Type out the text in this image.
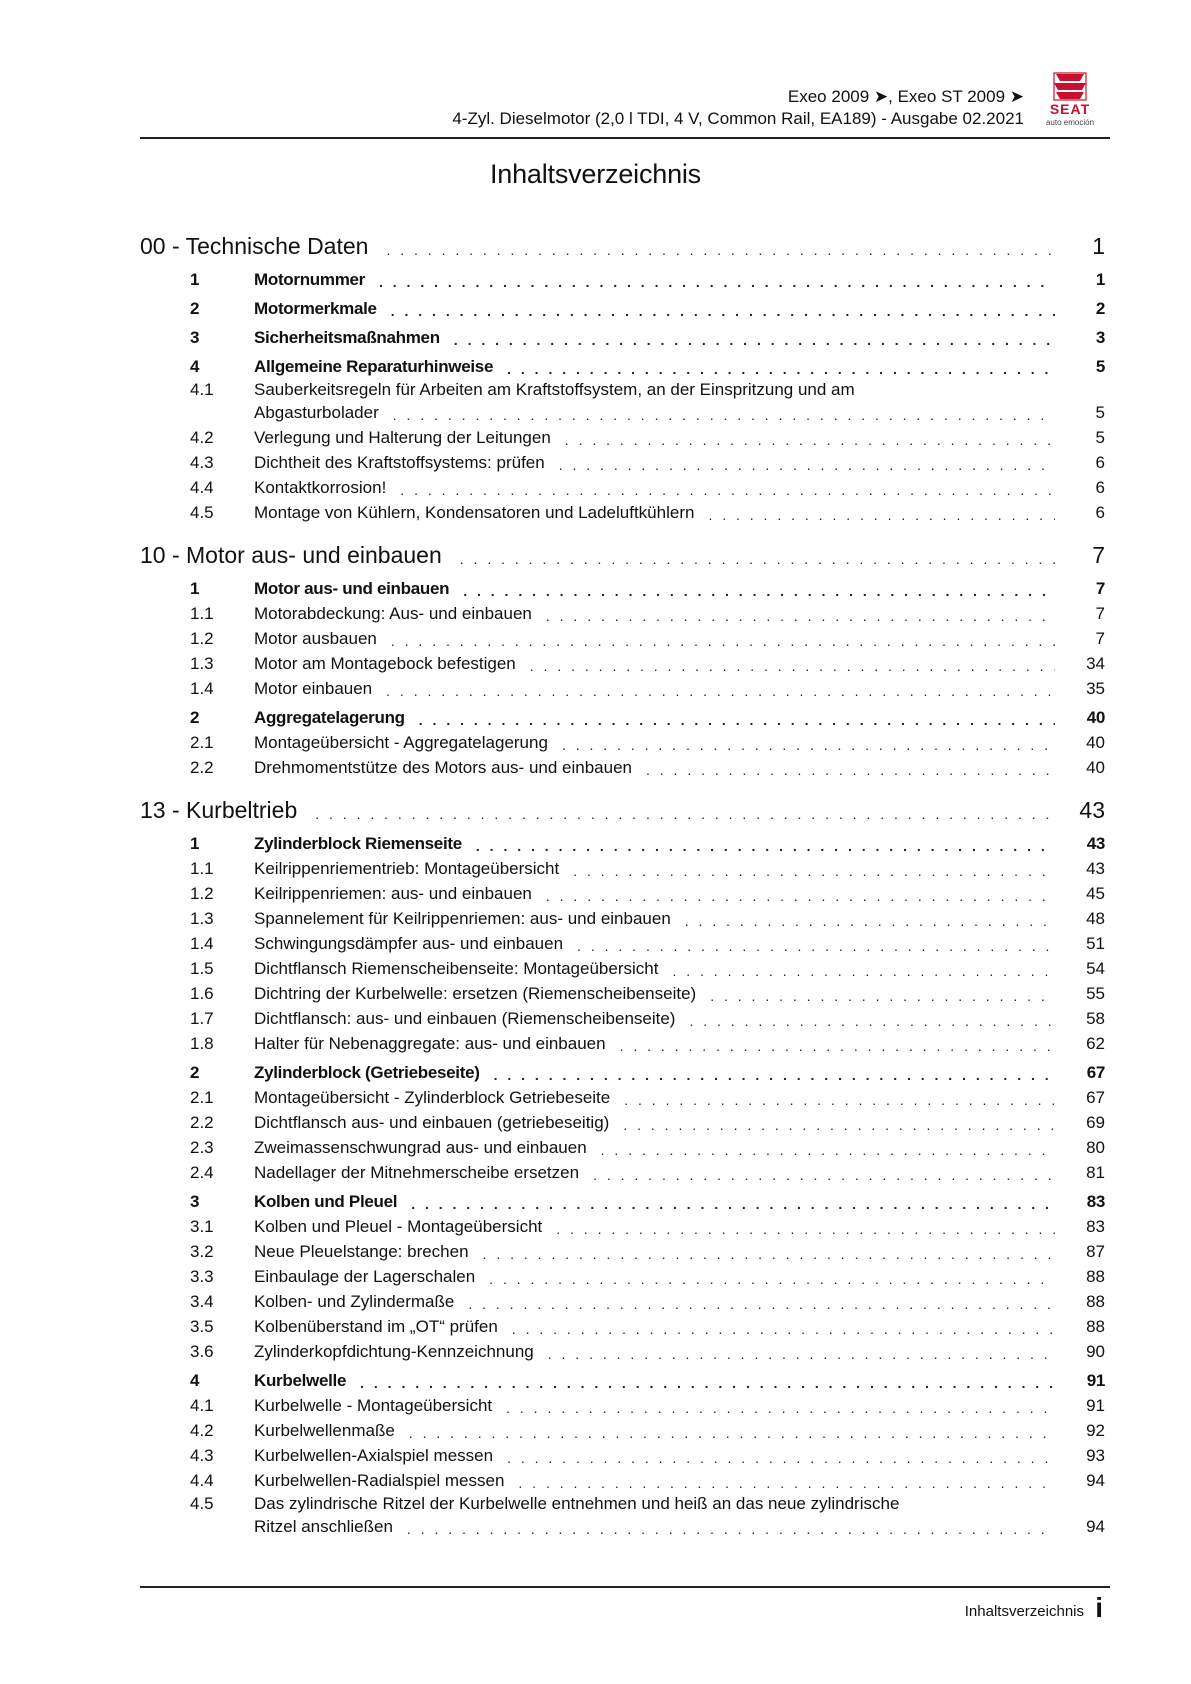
Exeo 2009 ➤, Exeo ST 2009 ➤
4-Zyl. Dieselmotor (2,0 l TDI, 4 V, Common Rail, EA189) - Ausgabe 02.2021 SEAT
auto emoción
Inhaltsverzeichnis
00 - Technische Daten . . .	1
1	Motornummer . . .	1
2	Motormerkmale . . .	2
3	Sicherheitsmaßnahmen . . .	3
4	Allgemeine Reparaturhinweise . . .	5
4.1	Sauberkeitsregeln für Arbeiten am Kraftstoffsystem, an der Einspritzung und am
Abgasturbolader . . .	5
4.2	Verlegung und Halterung der Leitungen . . .	5
4.3	Dichtheit des Kraftstoffsystems: prüfen . . .	6
4.4	Kontaktkorrosion! . . .	6
4.5	Montage von Kühlern, Kondensatoren und Ladeluftkühlern . . .	6
10 - Motor aus- und einbauen . . .	7
1	Motor aus- und einbauen . . .	7
1.1	Motorabdeckung: Aus- und einbauen . . .	7
1.2	Motor ausbauen . . .	7
1.3	Motor am Montagebock befestigen . . .	34
1.4	Motor einbauen . . .	35
2	Aggregatelagerung . . .	40
2.1	Montageübersicht - Aggregatelagerung . . .	40
2.2	Drehmomentstütze des Motors aus- und einbauen . . .	40
13 - Kurbeltrieb . . .	43
1	Zylinderblock Riemenseite . . .	43
1.1	Keilrippenriementrieb: Montageübersicht . . .	43
1.2	Keilrippenriemen: aus- und einbauen . . .	45
1.3	Spannelement für Keilrippenriemen: aus- und einbauen . . .	48
1.4	Schwingungsdämpfer aus- und einbauen . . .	51
1.5	Dichtflansch Riemenscheibenseite: Montageübersicht . . .	54
1.6	Dichtring der Kurbelwelle: ersetzen (Riemenscheibenseite) . . .	55
1.7	Dichtflansch: aus- und einbauen (Riemenscheibenseite) . . .	58
1.8	Halter für Nebenaggregate: aus- und einbauen . . .	62
2	Zylinderblock (Getriebeseite) . . .	67
2.1	Montageübersicht - Zylinderblock Getriebeseite . . .	67
2.2	Dichtflansch aus- und einbauen (getriebeseitig) . . .	69
2.3	Zweimassenschwungrad aus- und einbauen . . .	80
2.4	Nadellager der Mitnehmerscheibe ersetzen . . .	81
3	Kolben und Pleuel . . .	83
3.1	Kolben und Pleuel - Montageübersicht . . .	83
3.2	Neue Pleuelstange: brechen . . .	87
3.3	Einbaulage der Lagerschalen . . .	88
3.4	Kolben- und Zylindermaße . . .	88
3.5	Kolbenüberstand im „OT“ prüfen . . .	88
3.6	Zylinderkopfdichtung-Kennzeichnung . . .	90
4	Kurbelwelle . . .	91
4.1	Kurbelwelle - Montageübersicht . . .	91
4.2	Kurbelwellenmaße . . .	92
4.3	Kurbelwellen-Axialspiel messen . . .	93
4.4	Kurbelwellen-Radialspiel messen . . .	94
4.5	Das zylindrische Ritzel der Kurbelwelle entnehmen und heiß an das neue zylindrische
Ritzel anschließen . . .	94
Inhaltsverzeichnis i
